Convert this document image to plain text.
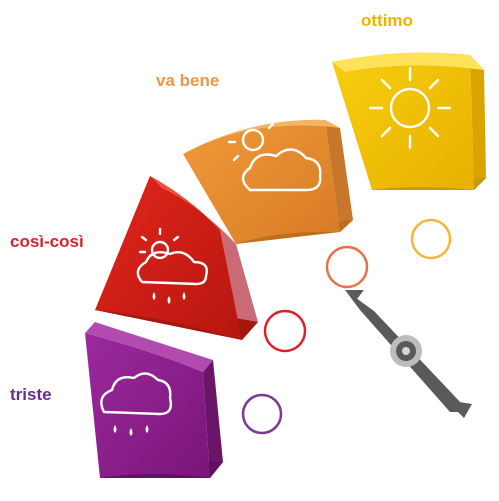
triste
così-così
va bene
ottimo
